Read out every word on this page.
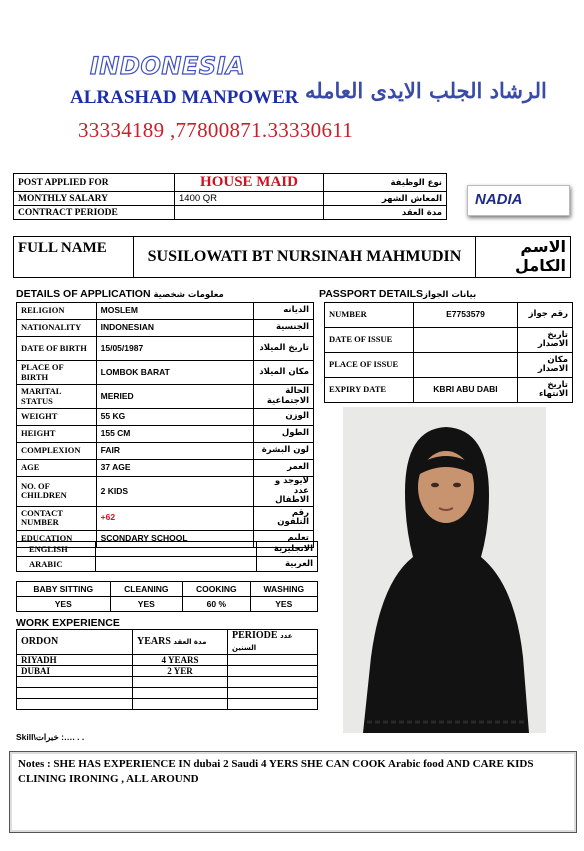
INDONESIA
ALRASHAD MANPOWER الرشاد الجلب الايدى العامله
33334189 ,77800871.33330611
POST APPLIED FOR	HOUSE MAID	نوع الوظيفة
MONTHLY SALARY	1400 QR	المعاش الشهر
CONTRACT PERIODE		مدة العقد
NADIA
FULL NAME	SUSILOWATI BT NURSINAH MAHMUDIN	الاسم الكامل
DETAILS OF APPLICATION معلومات شخصية	PASSPORT DETAILSبيانات الجواز
RELIGION	MOSLEM	الديانه
NATIONALITY	INDONESIAN	الجنسية
DATE OF BIRTH	15/05/1987	تاريخ الميلاد
PLACE OF BIRTH	LOMBOK BARAT	مكان الميلاد
MARITAL STATUS	MERIED	الحالة الاجتماعية
WEIGHT	55 KG	الوزن
HEIGHT	155 CM	الطول
COMPLEXION	FAIR	لون البشرة
AGE	37 AGE	العمر
NO. OF CHILDREN	2 KIDS	لايوجد و عدد الاطفال
CONTACT NUMBER	+62	رقم التلفون
EDUCATION	SCONDARY SCHOOL	تعليم
ENGLISH		الانجليزية
ARABIC		العربية
BABY SITTING	CLEANING	COOKING	WASHING
YES	YES	60 %	YES
NUMBER	E7753579	رقم جواز
DATE OF ISSUE		تاريخ الاصدار
PLACE OF ISSUE		مكان الاصدار
EXPIRY DATE	KBRI ABU DABI	تاريخ الانتهاء
WORK EXPERIENCE
ORDON	YEARS مدة العقد	PERIODE عدد السنين
RIYADH	4 YEARS	
DUBAI	2 YER	

Skill\خبرات :…. . .
Notes : SHE HAS EXPERIENCE IN dubai 2 Saudi 4 YERS SHE CAN COOK Arabic food AND CARE KIDS CLINING IRONING , ALL AROUND
